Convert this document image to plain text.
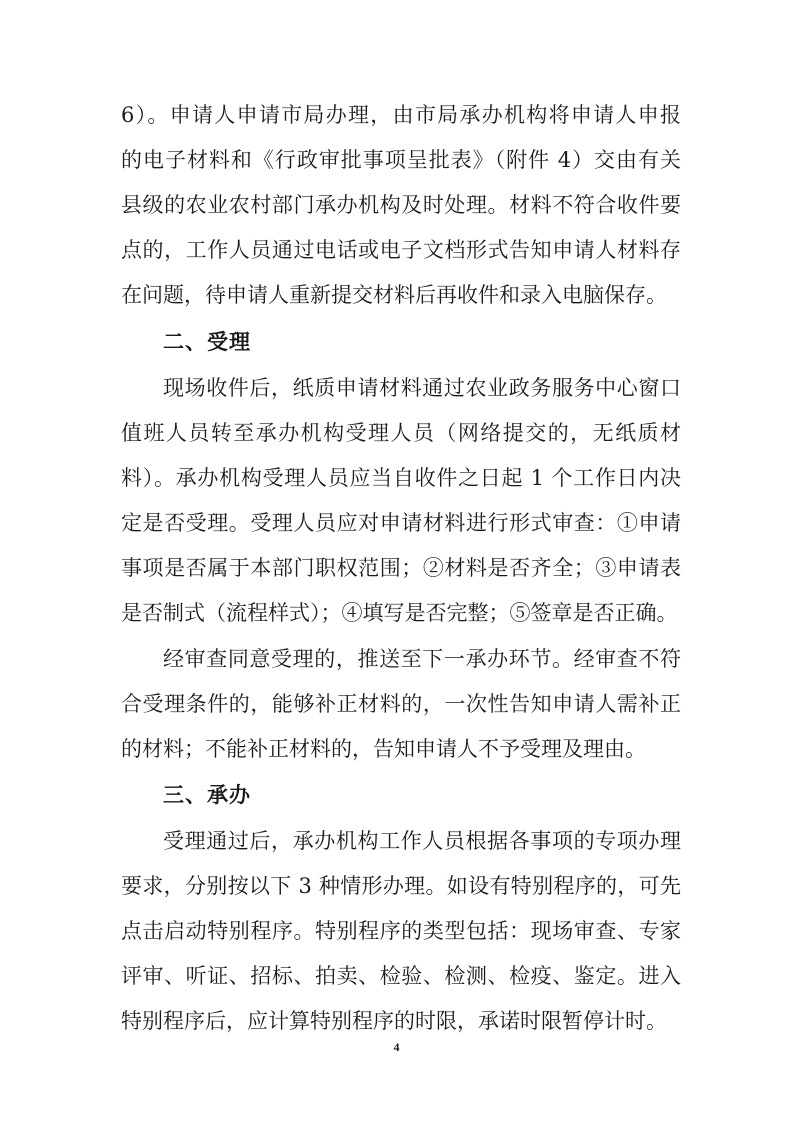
4
6）。申请人申请市局办理，由市局承办机构将申请人申报
的电子材料和《行政审批事项呈批表》（附件 4）交由有关
县级的农业农村部门承办机构及时处理。材料不符合收件要
点的，工作人员通过电话或电子文档形式告知申请人材料存
在问题，待申请人重新提交材料后再收件和录入电脑保存。
二、受理
现场收件后，纸质申请材料通过农业政务服务中心窗口
值班人员转至承办机构受理人员（网络提交的，无纸质材
料）。承办机构受理人员应当自收件之日起 1 个工作日内决
定是否受理。受理人员应对申请材料进行形式审查：①申请
事项是否属于本部门职权范围；②材料是否齐全；③申请表
是否制式（流程样式）；④填写是否完整；⑤签章是否正确。
经审查同意受理的，推送至下一承办环节。经审查不符
合受理条件的，能够补正材料的，一次性告知申请人需补正
的材料；不能补正材料的，告知申请人不予受理及理由。
三、承办
受理通过后，承办机构工作人员根据各事项的专项办理
要求，分别按以下 3 种情形办理。如设有特别程序的，可先
点击启动特别程序。特别程序的类型包括：现场审查、专家
评审、听证、招标、拍卖、检验、检测、检疫、鉴定。进入
特别程序后，应计算特别程序的时限，承诺时限暂停计时。
